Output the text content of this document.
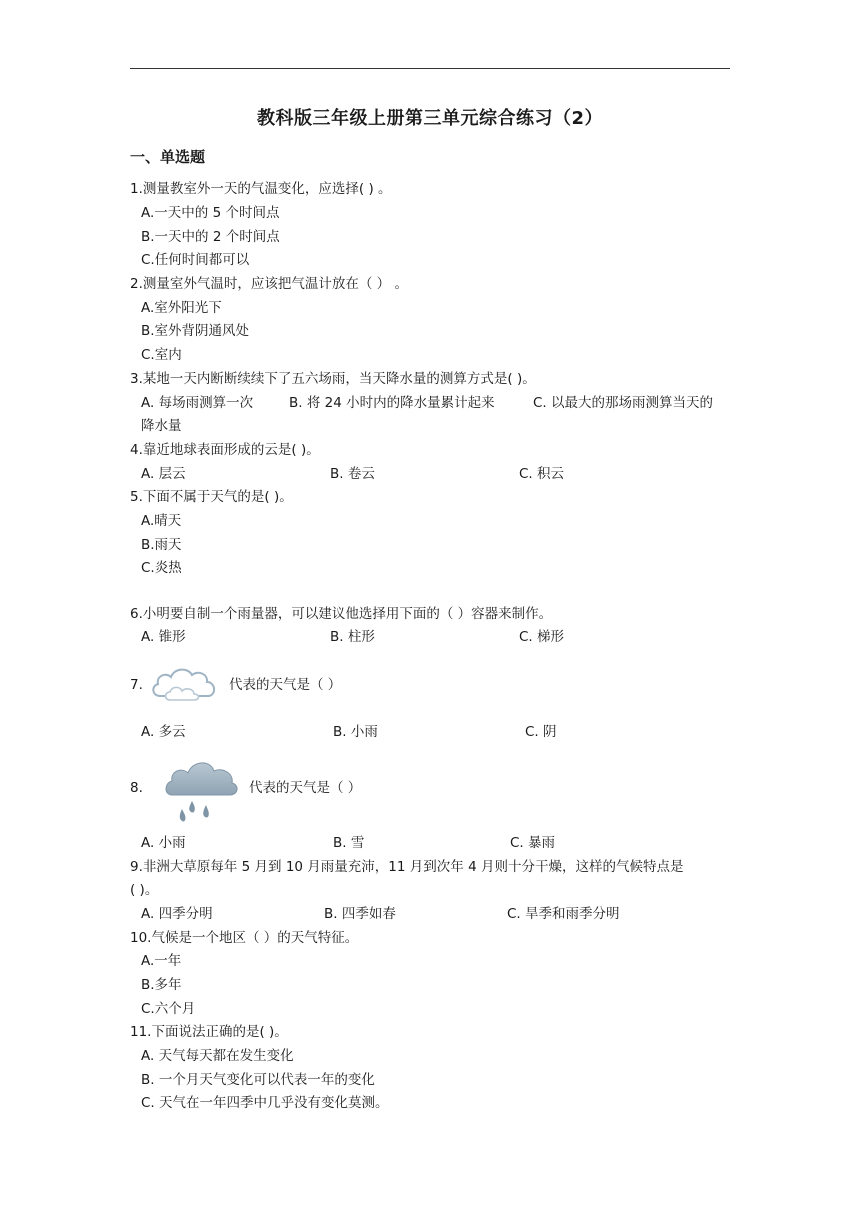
教科版三年级上册第三单元综合练习（2）
一、单选题
1.测量教室外一天的气温变化，应选择( ) 。
A.一天中的 5 个时间点
B.一天中的 2 个时间点
C.任何时间都可以
2.测量室外气温时，应该把气温计放在（ ） 。
A.室外阳光下
B.室外背阴通风处
C.室内
3.某地一天内断断续续下了五六场雨，当天降水量的测算方式是( )。
A. 每场雨测算一次	B. 将 24 小时内的降水量累计起来	C. 以最大的那场雨测算当天的
降水量
4.靠近地球表面形成的云是( )。
A. 层云	B. 卷云	C. 积云
5.下面不属于天气的是( )。
A.晴天
B.雨天
C.炎热
6.小明要自制一个雨量器，可以建议他选择用下面的（ ）容器来制作。
A. 锥形	B. 柱形	C. 梯形
7.	代表的天气是（ ）
A. 多云	B. 小雨	C. 阴
8.	代表的天气是（ ）
A. 小雨	B. 雪	C. 暴雨
9.非洲大草原每年 5 月到 10 月雨量充沛，11 月到次年 4 月则十分干燥，这样的气候特点是
( )。
A. 四季分明	B. 四季如春	C. 旱季和雨季分明
10.气候是一个地区（ ）的天气特征。
A.一年
B.多年
C.六个月
11.下面说法正确的是( )。
A. 天气每天都在发生变化
B. 一个月天气变化可以代表一年的变化
C. 天气在一年四季中几乎没有变化莫测。
